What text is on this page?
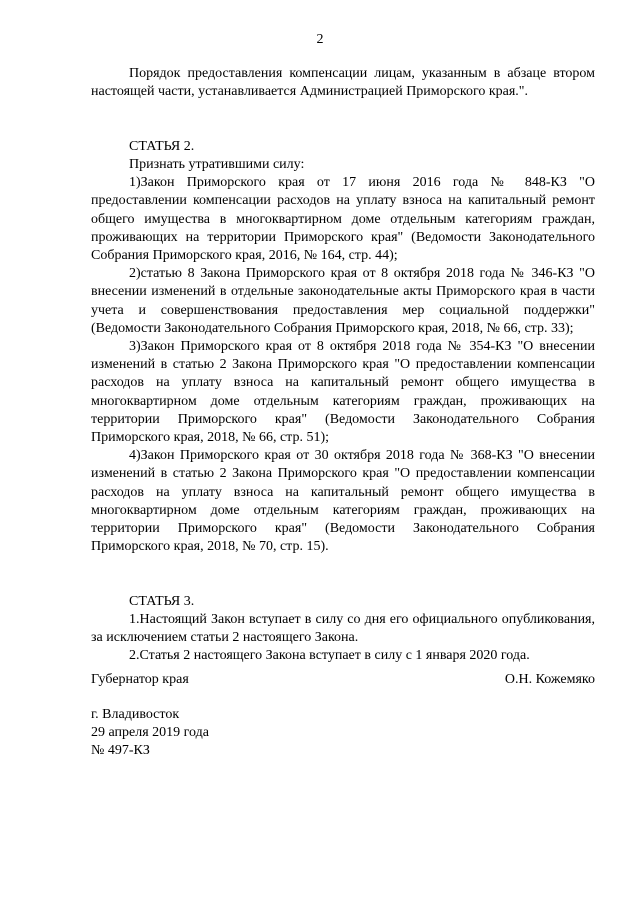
2

Порядок предоставления компенсации лицам, указанным в абзаце втором настоящей части, устанавливается Администрацией Приморского края.".

СТАТЬЯ 2.

Признать утратившими силу:

1)Закон Приморского края от 17 июня 2016 года № 848-КЗ "О предоставлении компенсации расходов на уплату взноса на капитальный ремонт общего имущества в многоквартирном доме отдельным категориям граждан, проживающих на территории Приморского края" (Ведомости Законодательного Собрания Приморского края, 2016, № 164, стр. 44);

2)статью 8 Закона Приморского края от 8 октября 2018 года № 346-КЗ "О внесении изменений в отдельные законодательные акты Приморского края в части учета и совершенствования предоставления мер социальной поддержки" (Ведомости Законодательного Собрания Приморского края, 2018, № 66, стр. 33);

3)Закон Приморского края от 8 октября 2018 года № 354-КЗ "О внесении изменений в статью 2 Закона Приморского края "О предоставлении компенсации расходов на уплату взноса на капитальный ремонт общего имущества в многоквартирном доме отдельным категориям граждан, проживающих на территории Приморского края" (Ведомости Законодательного Собрания Приморского края, 2018, № 66, стр. 51);

4)Закон Приморского края от 30 октября 2018 года № 368-КЗ "О внесении изменений в статью 2 Закона Приморского края "О предоставлении компенсации расходов на уплату взноса на капитальный ремонт общего имущества в многоквартирном доме отдельным категориям граждан, проживающих на территории Приморского края" (Ведомости Законодательного Собрания Приморского края, 2018, № 70, стр. 15).

СТАТЬЯ 3.

1.Настоящий Закон вступает в силу со дня его официального опубликования, за исключением статьи 2 настоящего Закона.

2.Статья 2 настоящего Закона вступает в силу с 1 января 2020 года.

Губернатор края	О.Н. Кожемяко
г. Владивосток
29 апреля 2019 года
№ 497-КЗ
